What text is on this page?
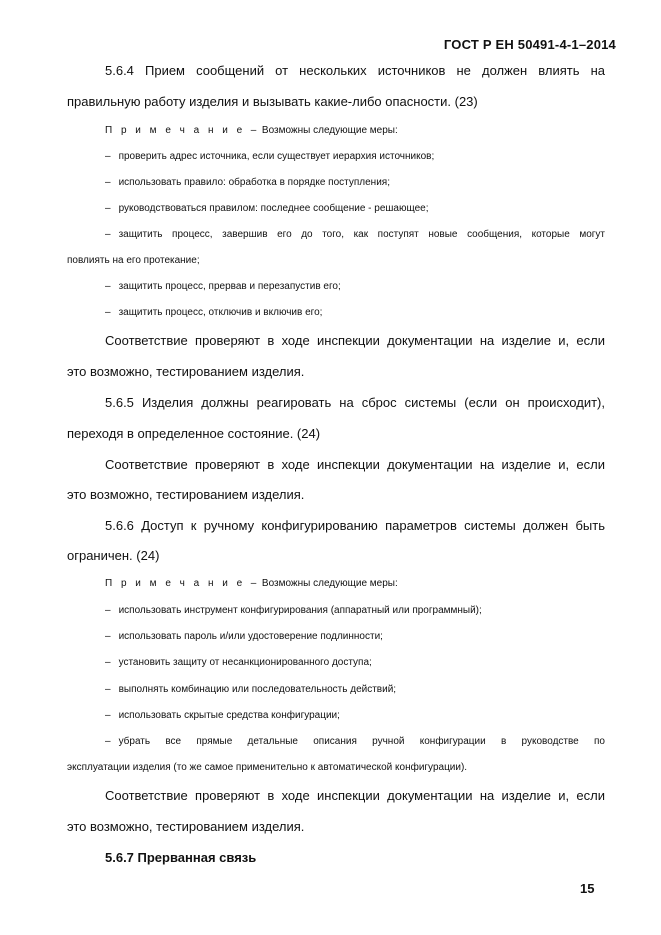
ГОСТ Р ЕН 50491-4-1–2014
5.6.4 Прием сообщений от нескольких источников не должен влиять на
правильную работу изделия и вызывать какие-либо опасности. (23)
П р и м е ч а н и е – Возможны следующие меры:
– проверить адрес источника, если существует иерархия источников;
– использовать правило: обработка в порядке поступления;
– руководствоваться правилом: последнее сообщение - решающее;
– защитить процесс, завершив его до того, как поступят новые сообщения, которые могут
повлиять на его протекание;
– защитить процесс, прервав и перезапустив его;
– защитить процесс, отключив и включив его;
Соответствие проверяют в ходе инспекции документации на изделие и, если
это возможно, тестированием изделия.
5.6.5 Изделия должны реагировать на сброс системы (если он происходит),
переходя в определенное состояние. (24)
Соответствие проверяют в ходе инспекции документации на изделие и, если
это возможно, тестированием изделия.
5.6.6 Доступ к ручному конфигурированию параметров системы должен быть
ограничен. (24)
П р и м е ч а н и е – Возможны следующие меры:
– использовать инструмент конфигурирования (аппаратный или программный);
– использовать пароль и/или удостоверение подлинности;
– установить защиту от несанкционированного доступа;
– выполнять комбинацию или последовательность действий;
– использовать скрытые средства конфигурации;
– убрать все прямые детальные описания ручной конфигурации в руководстве по
эксплуатации изделия (то же самое применительно к автоматической конфигурации).
Соответствие проверяют в ходе инспекции документации на изделие и, если
это возможно, тестированием изделия.
5.6.7 Прерванная связь
15
